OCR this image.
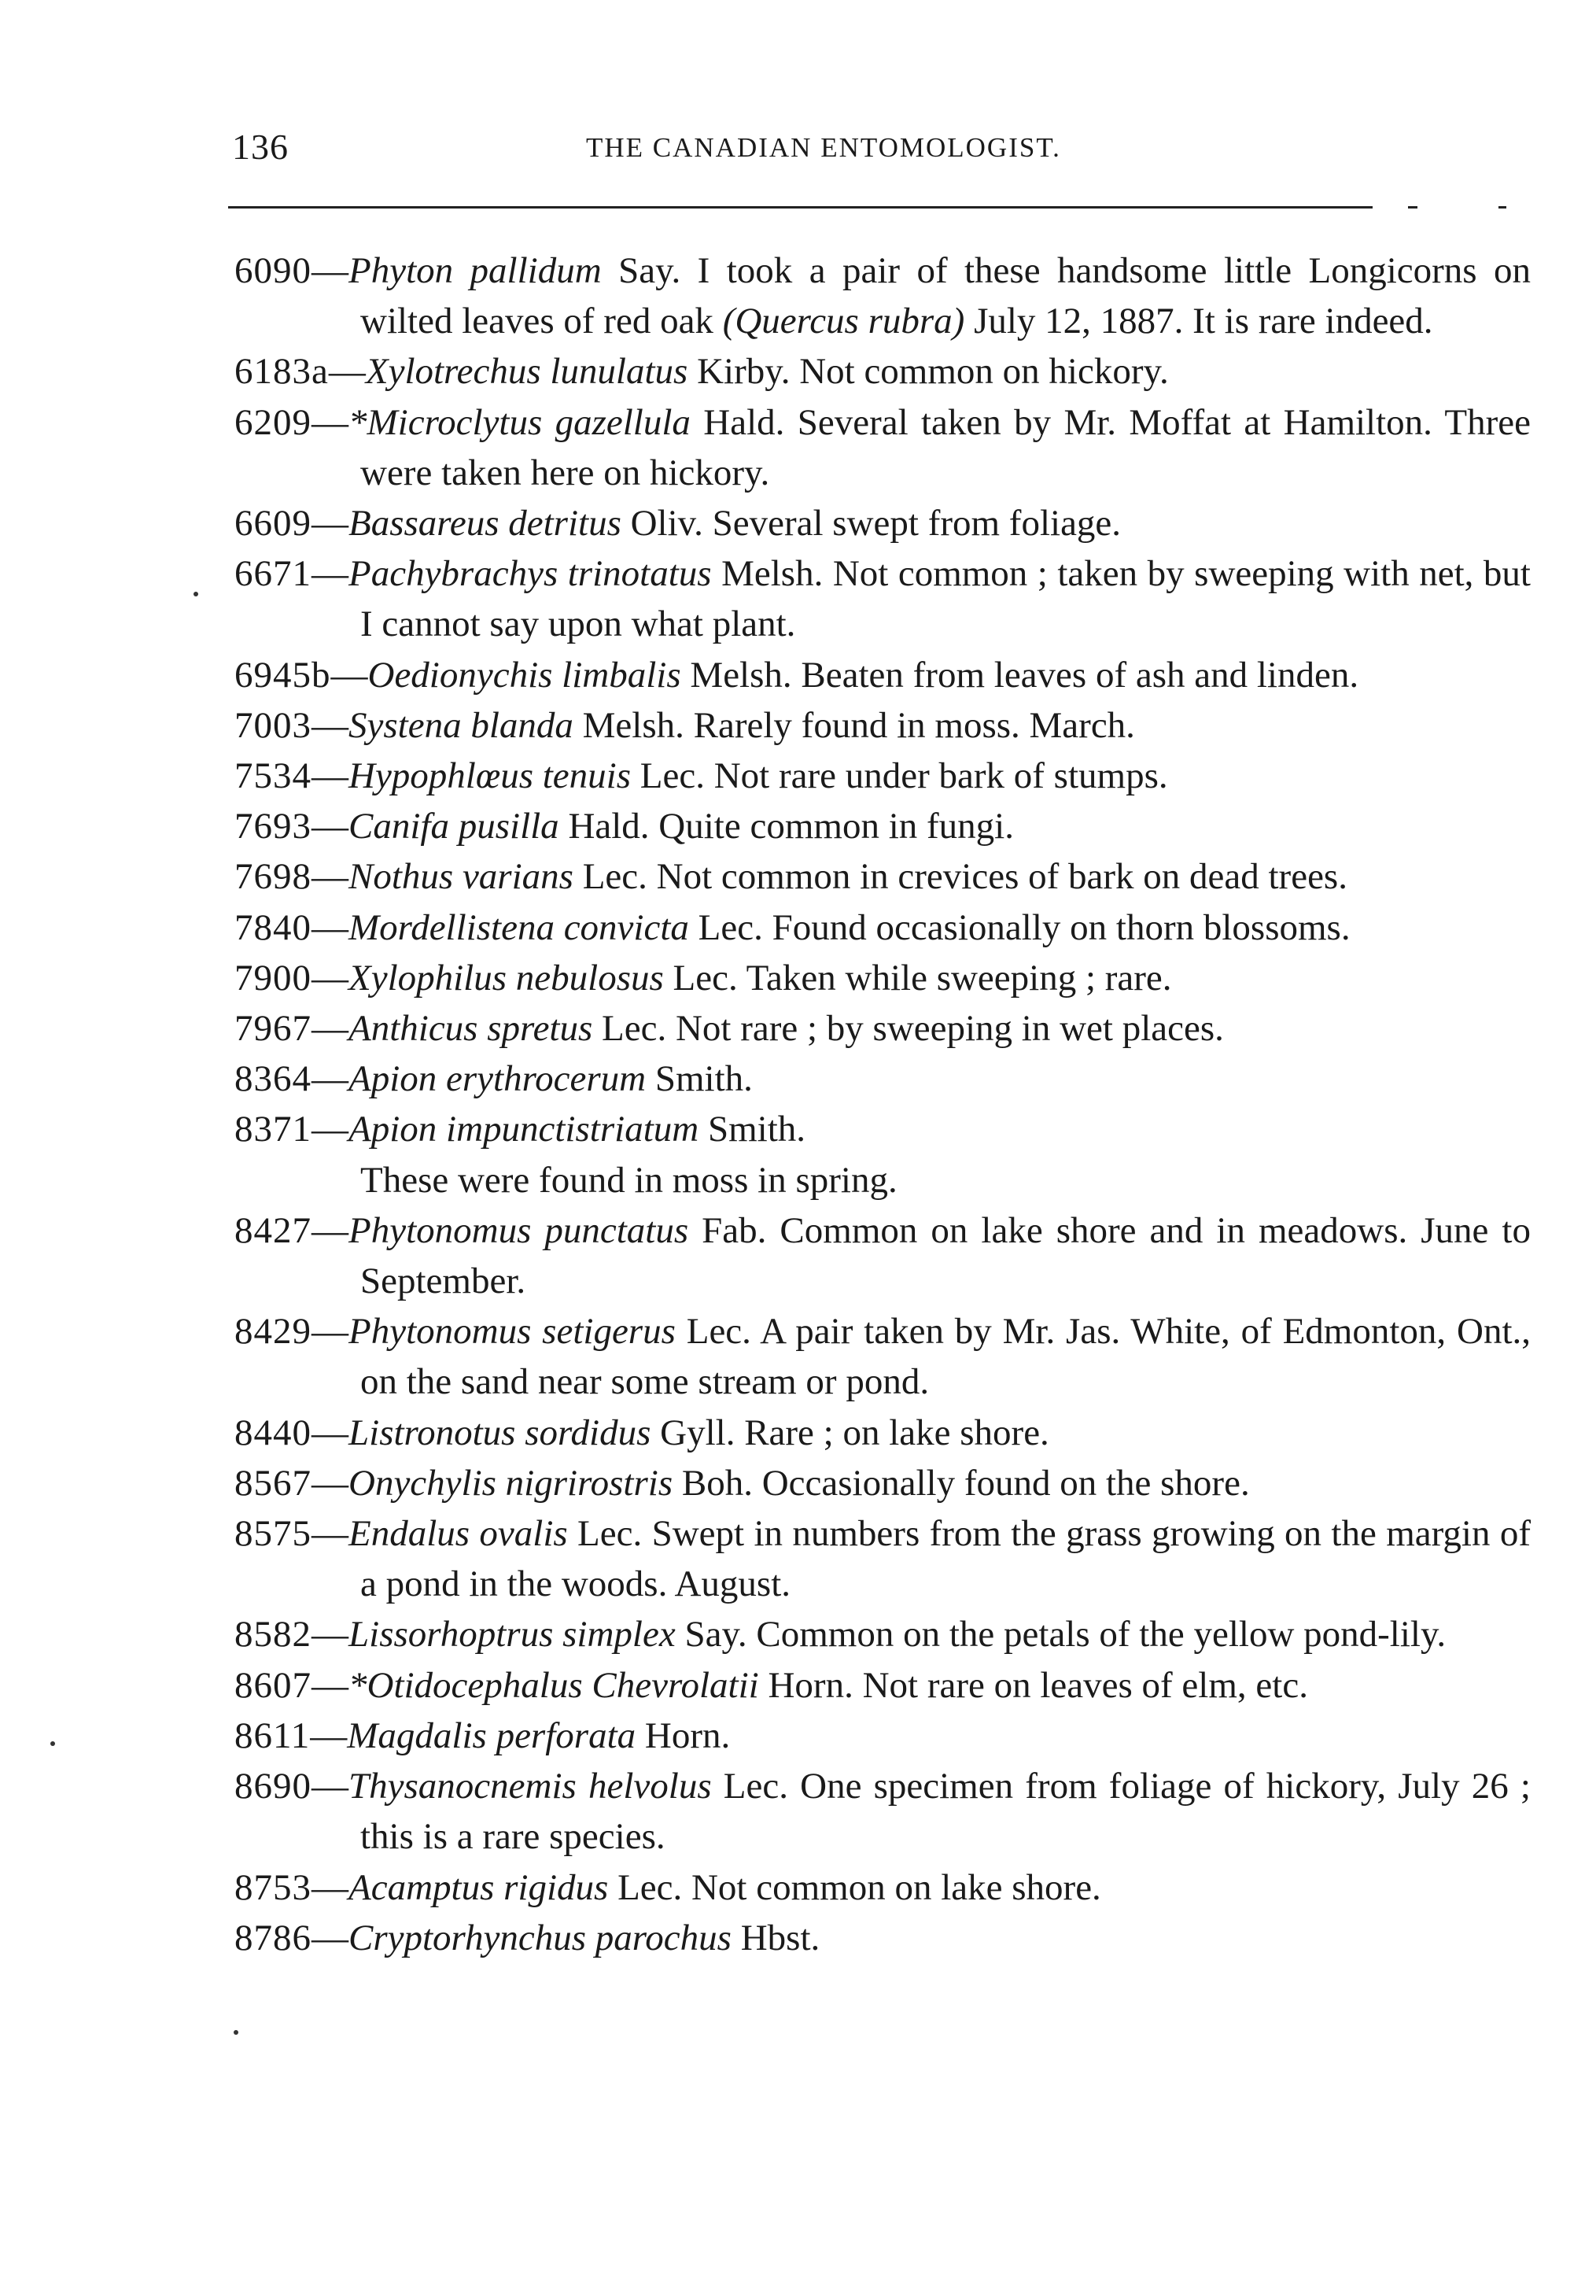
136	THE CANADIAN ENTOMOLOGIST.
6090—Phyton pallidum Say. I took a pair of these handsome little Longicorns on wilted leaves of red oak (Quercus rubra) July 12, 1887. It is rare indeed.
6183a—Xylotrechus lunulatus Kirby. Not common on hickory.
6209—*Microclytus gazellula Hald. Several taken by Mr. Moffat at Hamilton. Three were taken here on hickory.
6609—Bassareus detritus Oliv. Several swept from foliage.
6671—Pachybrachys trinotatus Melsh. Not common ; taken by sweeping with net, but I cannot say upon what plant.
6945b—Oedionychis limbalis Melsh. Beaten from leaves of ash and linden.
7003—Systena blanda Melsh. Rarely found in moss. March.
7534—Hypophlœus tenuis Lec. Not rare under bark of stumps.
7693—Canifa pusilla Hald. Quite common in fungi.
7698—Nothus varians Lec. Not common in crevices of bark on dead trees.
7840—Mordellistena convicta Lec. Found occasionally on thorn blossoms.
7900—Xylophilus nebulosus Lec. Taken while sweeping ; rare.
7967—Anthicus spretus Lec. Not rare ; by sweeping in wet places.
8364—Apion erythrocerum Smith.
8371—Apion impunctistriatum Smith.
These were found in moss in spring.
8427—Phytonomus punctatus Fab. Common on lake shore and in meadows. June to September.
8429—Phytonomus setigerus Lec. A pair taken by Mr. Jas. White, of Edmonton, Ont., on the sand near some stream or pond.
8440—Listronotus sordidus Gyll. Rare ; on lake shore.
8567—Onychylis nigrirostris Boh. Occasionally found on the shore.
8575—Endalus ovalis Lec. Swept in numbers from the grass growing on the margin of a pond in the woods. August.
8582—Lissorhoptrus simplex Say. Common on the petals of the yellow pond-lily.
8607—*Otidocephalus Chevrolatii Horn. Not rare on leaves of elm, etc.
8611—Magdalis perforata Horn.
8690—Thysanocnemis helvolus Lec. One specimen from foliage of hickory, July 26 ; this is a rare species.
8753—Acamptus rigidus Lec. Not common on lake shore.
8786—Cryptorhynchus parochus Hbst.
